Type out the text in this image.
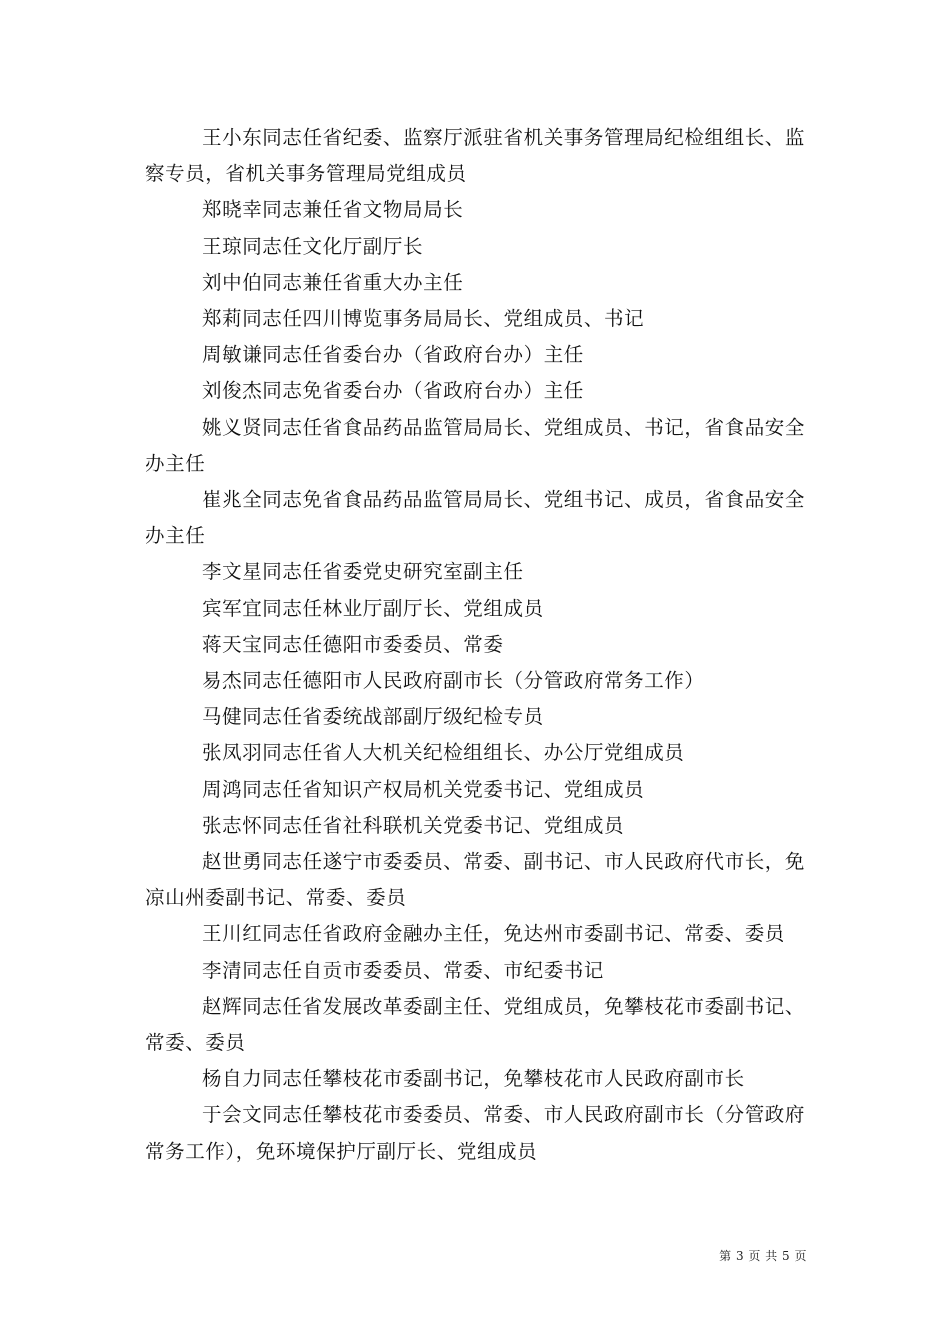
王小东同志任省纪委、监察厅派驻省机关事务管理局纪检组组长、监察专员，省机关事务管理局党组成员

郑晓幸同志兼任省文物局局长

王琼同志任文化厅副厅长

刘中伯同志兼任省重大办主任

郑莉同志任四川博览事务局局长、党组成员、书记

周敏谦同志任省委台办（省政府台办）主任

刘俊杰同志免省委台办（省政府台办）主任

姚义贤同志任省食品药品监管局局长、党组成员、书记，省食品安全办主任

崔兆全同志免省食品药品监管局局长、党组书记、成员，省食品安全办主任

李文星同志任省委党史研究室副主任

宾军宜同志任林业厅副厅长、党组成员

蒋天宝同志任德阳市委委员、常委

易杰同志任德阳市人民政府副市长（分管政府常务工作）

马健同志任省委统战部副厅级纪检专员

张凤羽同志任省人大机关纪检组组长、办公厅党组成员

周鸿同志任省知识产权局机关党委书记、党组成员

张志怀同志任省社科联机关党委书记、党组成员

赵世勇同志任遂宁市委委员、常委、副书记、市人民政府代市长，免凉山州委副书记、常委、委员

王川红同志任省政府金融办主任，免达州市委副书记、常委、委员

李清同志任自贡市委委员、常委、市纪委书记

赵辉同志任省发展改革委副主任、党组成员，免攀枝花市委副书记、常委、委员

杨自力同志任攀枝花市委副书记，免攀枝花市人民政府副市长

于会文同志任攀枝花市委委员、常委、市人民政府副市长（分管政府常务工作），免环境保护厅副厅长、党组成员

第 3 页 共 5 页
